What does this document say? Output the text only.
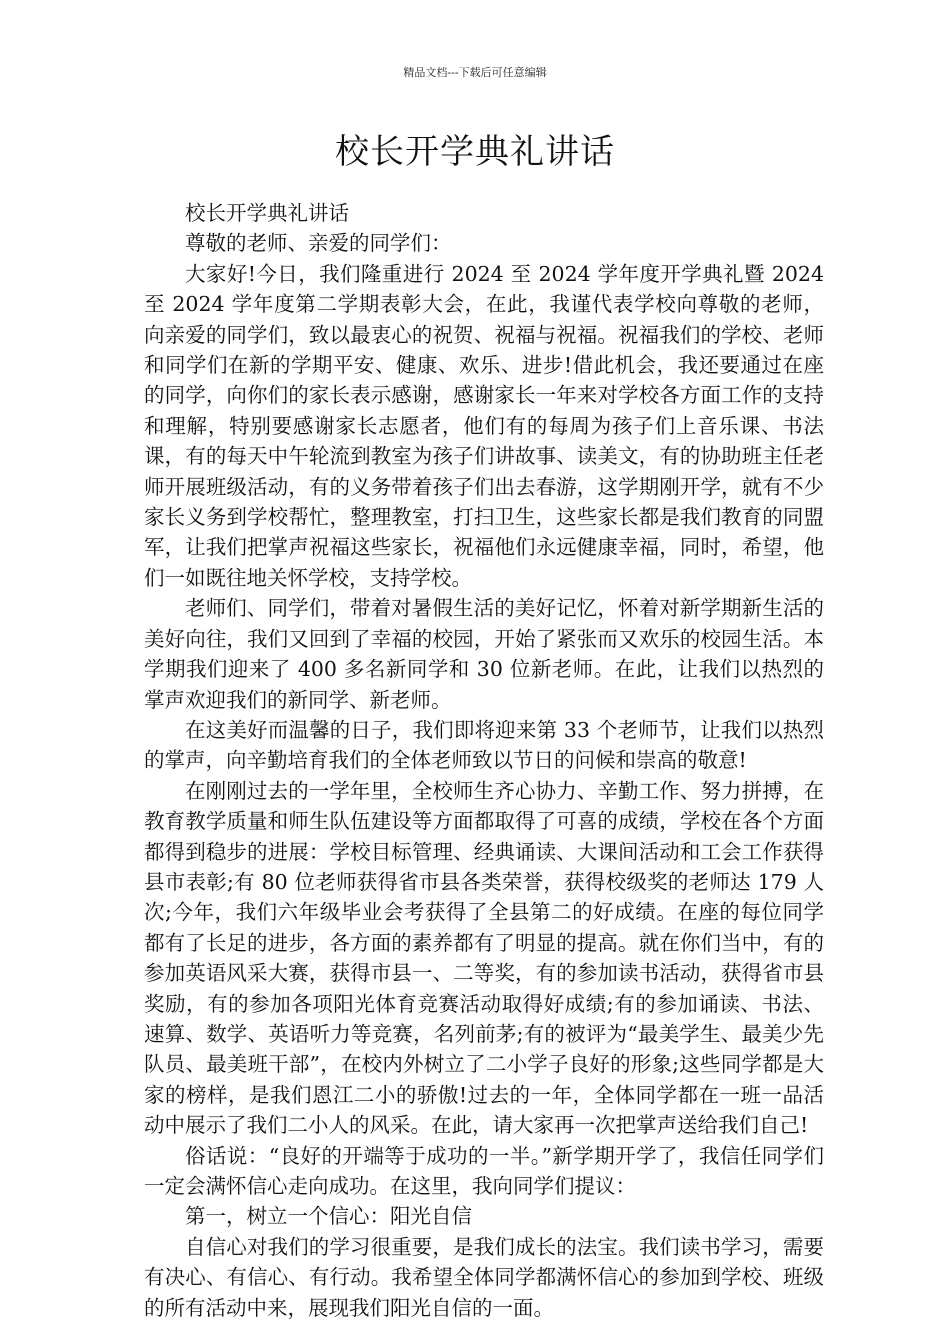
精品文档---下载后可任意编辑
校长开学典礼讲话

校长开学典礼讲话

尊敬的老师、亲爱的同学们：

大家好!今日，我们隆重进行 2024 至 2024 学年度开学典礼暨 2024 至 2024 学年度第二学期表彰大会，在此，我谨代表学校向尊敬的老师，向亲爱的同学们，致以最衷心的祝贺、祝福与祝福。祝福我们的学校、老师和同学们在新的学期平安、健康、欢乐、进步!借此机会，我还要通过在座的同学，向你们的家长表示感谢，感谢家长一年来对学校各方面工作的支持和理解，特别要感谢家长志愿者，他们有的每周为孩子们上音乐课、书法课，有的每天中午轮流到教室为孩子们讲故事、读美文，有的协助班主任老师开展班级活动，有的义务带着孩子们出去春游，这学期刚开学，就有不少家长义务到学校帮忙，整理教室，打扫卫生，这些家长都是我们教育的同盟军，让我们把掌声祝福这些家长，祝福他们永远健康幸福，同时，希望，他们一如既往地关怀学校，支持学校。

老师们、同学们，带着对暑假生活的美好记忆，怀着对新学期新生活的美好向往，我们又回到了幸福的校园，开始了紧张而又欢乐的校园生活。本学期我们迎来了 400 多名新同学和 30 位新老师。在此，让我们以热烈的掌声欢迎我们的新同学、新老师。

在这美好而温馨的日子，我们即将迎来第 33 个老师节，让我们以热烈的掌声，向辛勤培育我们的全体老师致以节日的问候和崇高的敬意!

在刚刚过去的一学年里，全校师生齐心协力、辛勤工作、努力拼搏，在教育教学质量和师生队伍建设等方面都取得了可喜的成绩，学校在各个方面都得到稳步的进展：学校目标管理、经典诵读、大课间活动和工会工作获得县市表彰;有 80 位老师获得省市县各类荣誉，获得校级奖的老师达 179 人次;今年，我们六年级毕业会考获得了全县第二的好成绩。在座的每位同学都有了长足的进步，各方面的素养都有了明显的提高。就在你们当中，有的参加英语风采大赛，获得市县一、二等奖，有的参加读书活动，获得省市县奖励，有的参加各项阳光体育竞赛活动取得好成绩;有的参加诵读、书法、速算、数学、英语听力等竞赛，名列前茅;有的被评为“最美学生、最美少先队员、最美班干部”，在校内外树立了二小学子良好的形象;这些同学都是大家的榜样，是我们恩江二小的骄傲!过去的一年，全体同学都在一班一品活动中展示了我们二小人的风采。在此，请大家再一次把掌声送给我们自己!

俗话说：“良好的开端等于成功的一半。”新学期开学了，我信任同学们一定会满怀信心走向成功。在这里，我向同学们提议：

第一，树立一个信心：阳光自信

自信心对我们的学习很重要，是我们成长的法宝。我们读书学习，需要有决心、有信心、有行动。我希望全体同学都满怀信心的参加到学校、班级的所有活动中来，展现我们阳光自信的一面。
